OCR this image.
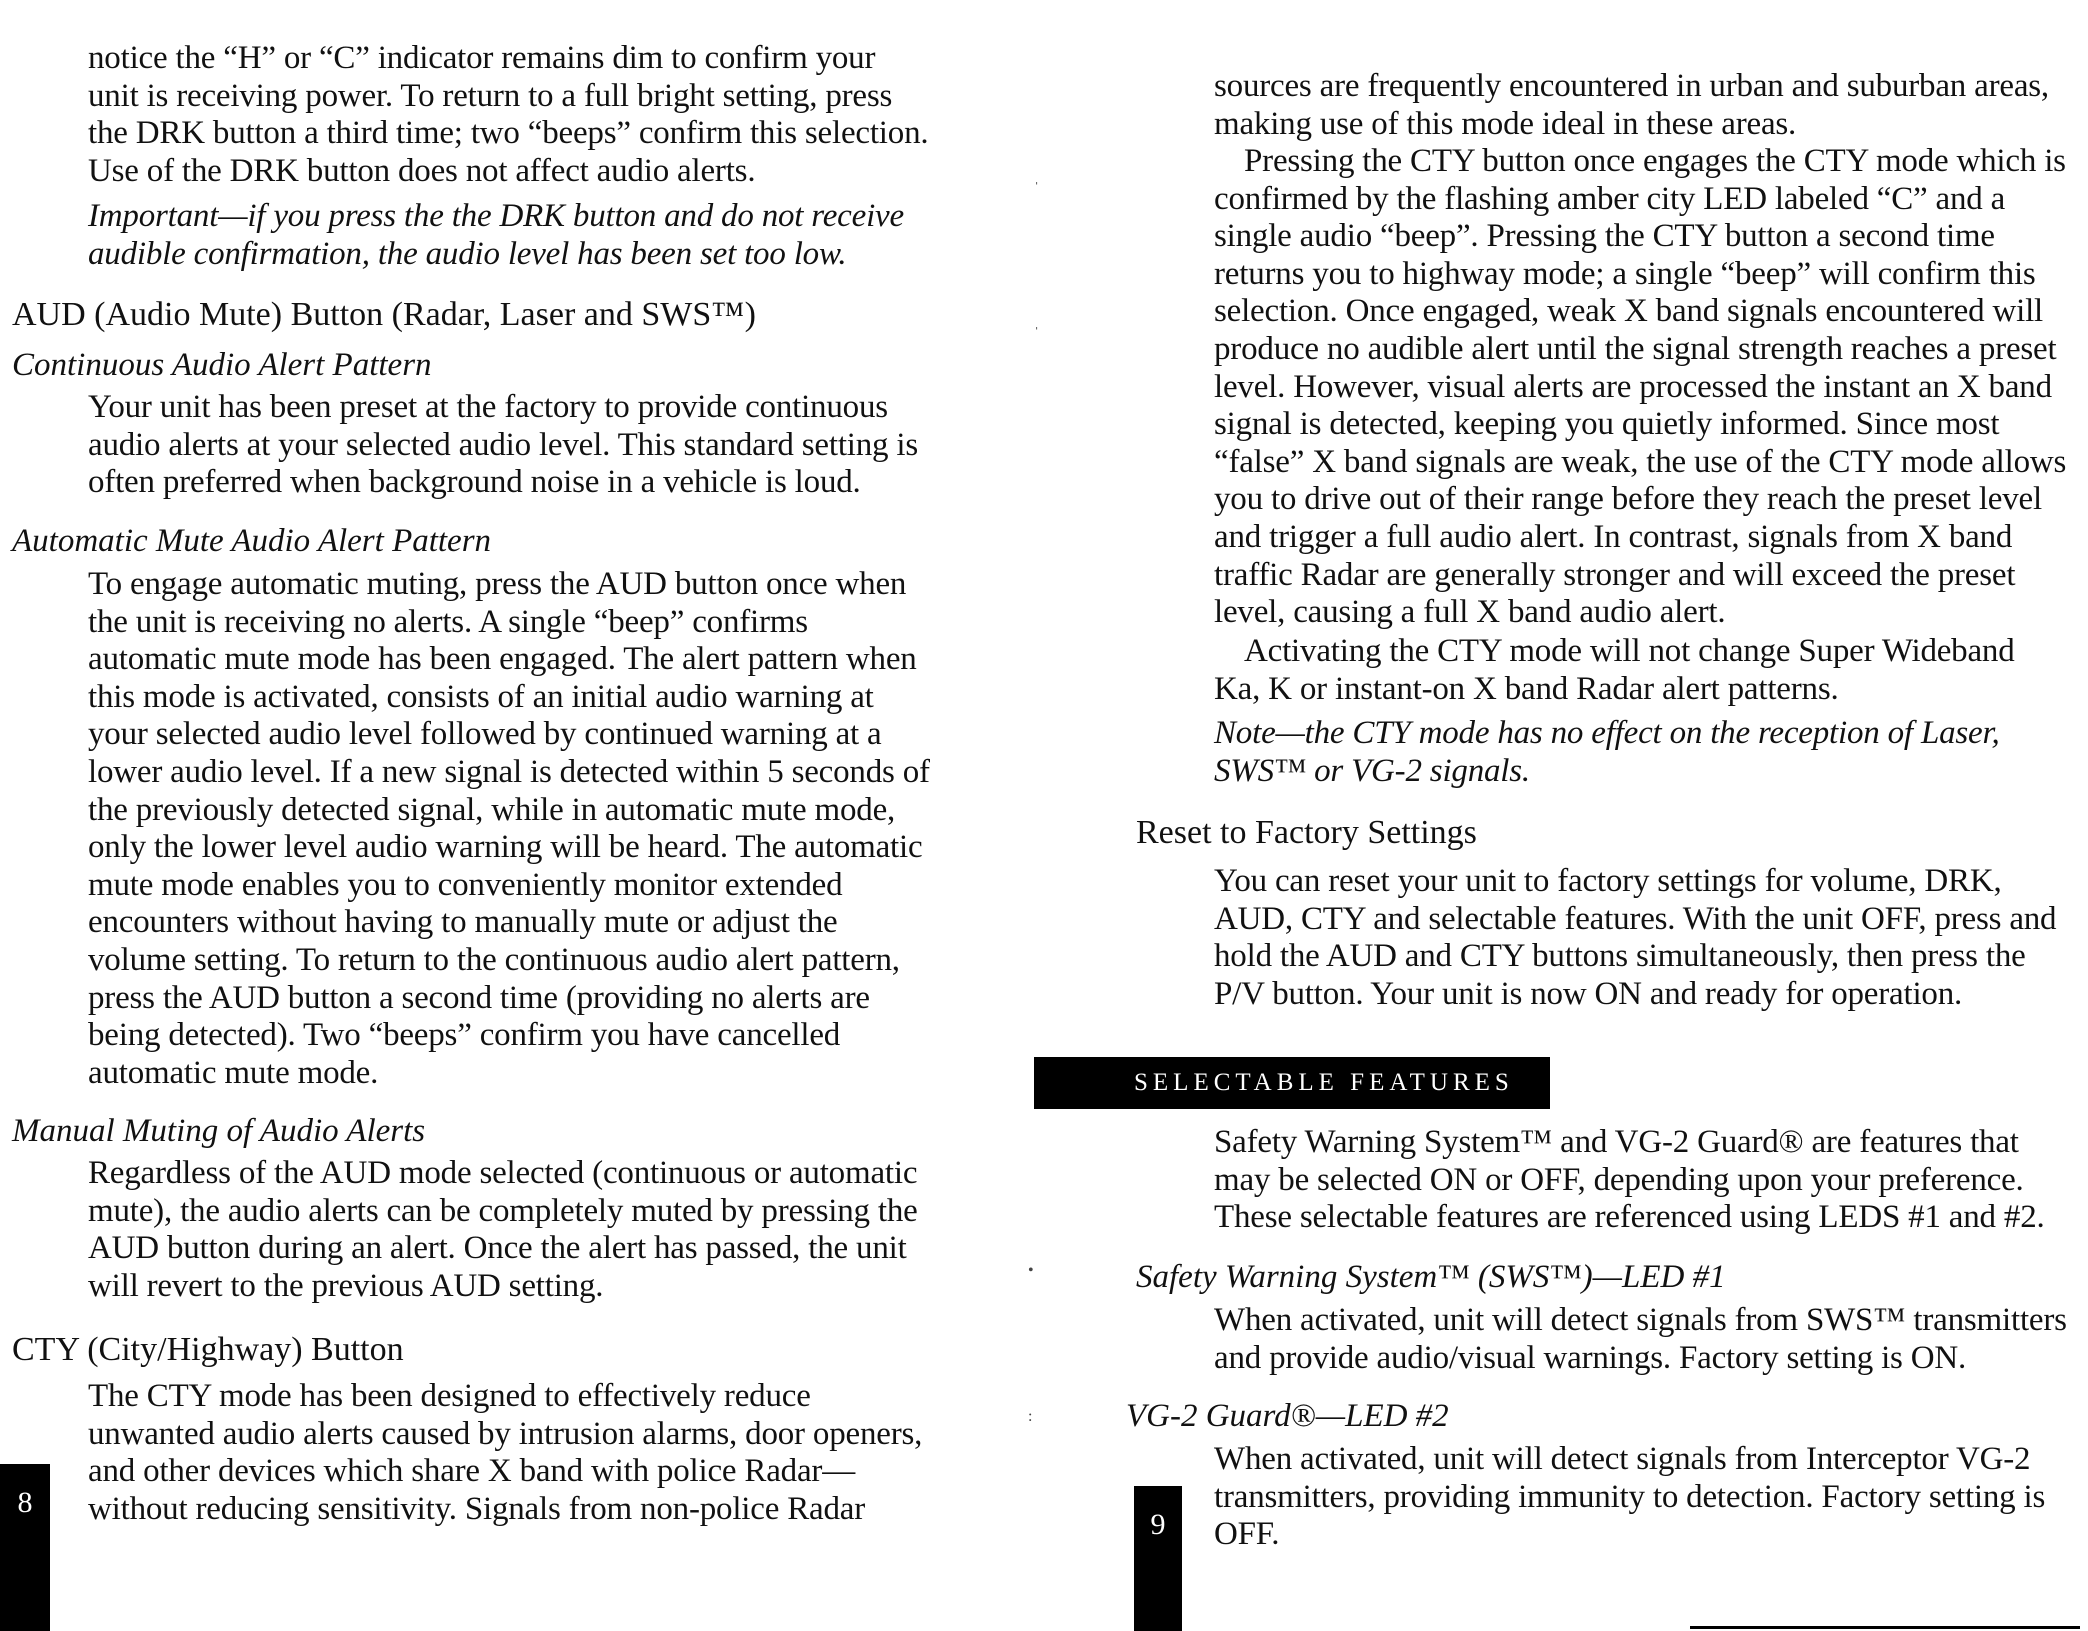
notice the “H” or “C” indicator remains dim to confirm your unit is receiving power. To return to a full bright setting, press the DRK button a third time; two “beeps” confirm this selection. Use of the DRK button does not affect audio alerts.

Important—if you press the the DRK button and do not receive audible confirmation, the audio level has been set too low.

AUD (Audio Mute) Button (Radar, Laser and SWS™)

Continuous Audio Alert Pattern

Your unit has been preset at the factory to provide continuous audio alerts at your selected audio level. This standard setting is often preferred when background noise in a vehicle is loud.

Automatic Mute Audio Alert Pattern

To engage automatic muting, press the AUD button once when the unit is receiving no alerts. A single “beep” confirms automatic mute mode has been engaged. The alert pattern when this mode is activated, consists of an initial audio warning at your selected audio level followed by continued warning at a lower audio level. If a new signal is detected within 5 seconds of the previously detected signal, while in automatic mute mode, only the lower level audio warning will be heard. The automatic mute mode enables you to conveniently monitor extended encounters without having to manually mute or adjust the volume setting. To return to the continuous audio alert pattern, press the AUD button a second time (providing no alerts are being detected). Two “beeps” confirm you have cancelled automatic mute mode.

Manual Muting of Audio Alerts

Regardless of the AUD mode selected (continuous or automatic mute), the audio alerts can be completely muted by pressing the AUD button during an alert. Once the alert has passed, the unit will revert to the previous AUD setting.

CTY (City/Highway) Button

The CTY mode has been designed to effectively reduce unwanted audio alerts caused by intrusion alarms, door openers, and other devices which share X band with police Radar—without reducing sensitivity. Signals from non-police Radar

8
ˈ
ˈ

sources are frequently encountered in urban and suburban areas, making use of this mode ideal in these areas.

Pressing the CTY button once engages the CTY mode which is confirmed by the flashing amber city LED labeled “C” and a single audio “beep”. Pressing the CTY button a second time returns you to highway mode; a single “beep” will confirm this selection. Once engaged, weak X band signals encountered will produce no audible alert until the signal strength reaches a preset level. However, visual alerts are processed the instant an X band signal is detected, keeping you quietly informed. Since most “false” X band signals are weak, the use of the CTY mode allows you to drive out of their range before they reach the preset level and trigger a full audio alert. In contrast, signals from X band traffic Radar are generally stronger and will exceed the preset level, causing a full X band audio alert.

Activating the CTY mode will not change Super Wideband Ka, K or instant-on X band Radar alert patterns.

Note—the CTY mode has no effect on the reception of Laser, SWS™ or VG-2 signals.

Reset to Factory Settings

You can reset your unit to factory settings for volume, DRK, AUD, CTY and selectable features. With the unit OFF, press and hold the AUD and CTY buttons simultaneously, then press the P/V button. Your unit is now ON and ready for operation.

SELECTABLE FEATURES

Safety Warning System™ and VG-2 Guard® are features that may be selected ON or OFF, depending upon your preference. These selectable features are referenced using LEDS #1 and #2.

•	Safety Warning System™ (SWS™)—LED #1

When activated, unit will detect signals from SWS™ transmitters and provide audio/visual warnings. Factory setting is ON.

:	VG-2 Guard®—LED #2

When activated, unit will detect signals from Interceptor VG-2 transmitters, providing immunity to detection. Factory setting is OFF.

9
